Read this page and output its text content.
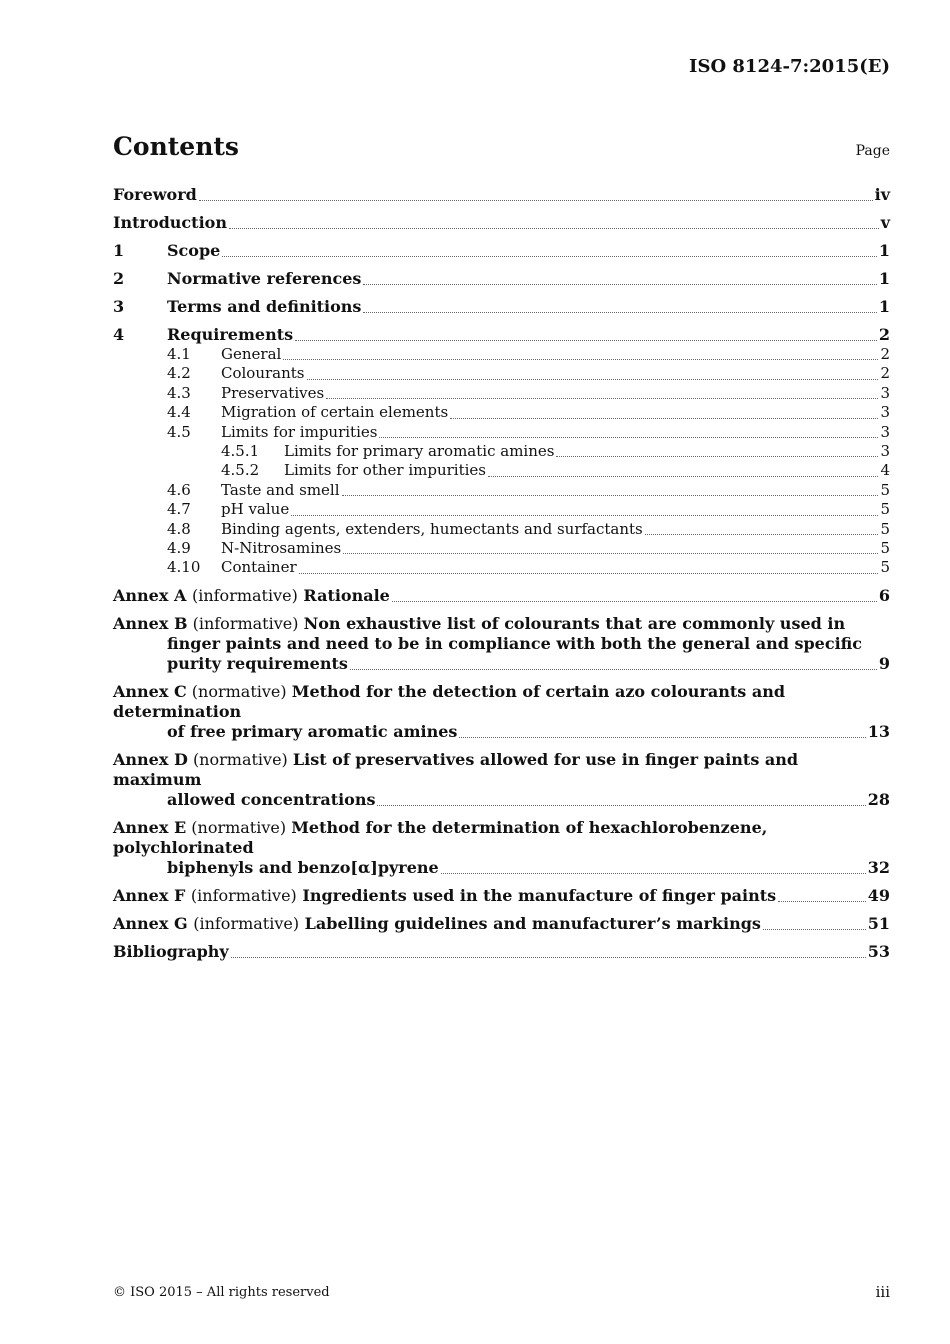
ISO 8124-7:2015(E)
Contents	Page
Foreword	iv
Introduction	v
1	Scope	1
2	Normative references	1
3	Terms and definitions	1
4	Requirements	2
4.1	General	2
4.2	Colourants	2
4.3	Preservatives	3
4.4	Migration of certain elements	3
4.5	Limits for impurities	3
4.5.1	Limits for primary aromatic amines	3
4.5.2	Limits for other impurities	4
4.6	Taste and smell	5
4.7	pH value	5
4.8	Binding agents, extenders, humectants and surfactants	5
4.9	N-Nitrosamines	5
4.10	Container	5
Annex A (informative) Rationale	6
Annex B (informative) Non exhaustive list of colourants that are commonly used in
finger paints and need to be in compliance with both the general and specific
purity requirements	9
Annex C (normative) Method for the detection of certain azo colourants and determination
of free primary aromatic amines	13
Annex D (normative) List of preservatives allowed for use in finger paints and maximum
allowed concentrations	28
Annex E (normative) Method for the determination of hexachlorobenzene, polychlorinated
biphenyls and benzo[α]pyrene	32
Annex F (informative) Ingredients used in the manufacture of finger paints	49
Annex G (informative) Labelling guidelines and manufacturer’s markings	51
Bibliography	53
© ISO 2015 – All rights reserved	iii
